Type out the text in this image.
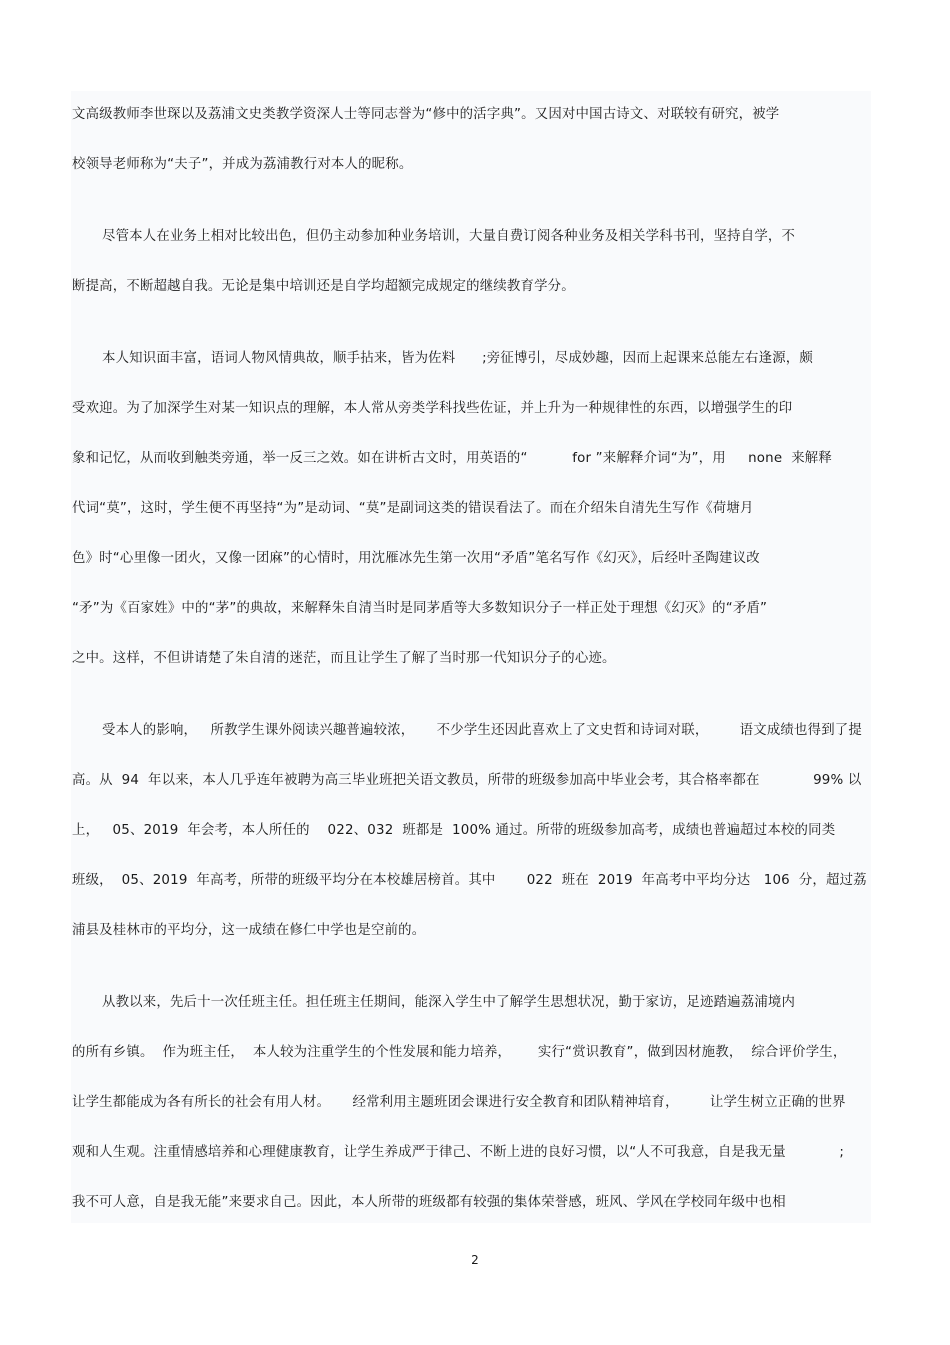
文高级教师李世琛以及荔浦文史类教学资深人士等同志誉为“修中的活字典”。又因对中国古诗文、对联较有研究，被学
校领导老师称为“夫子”，并成为荔浦教行对本人的昵称。
尽管本人在业务上相对比较出色，但仍主动参加种业务培训，大量自费订阅各种业务及相关学科书刊，坚持自学，不
断提高，不断超越自我。无论是集中培训还是自学均超额完成规定的继续教育学分。
本人知识面丰富，语词人物风情典故，顺手拈来，皆为佐料      ;旁征博引，尽成妙趣，因而上起课来总能左右逢源，颇
受欢迎。为了加深学生对某一知识点的理解，本人常从旁类学科找些佐证，并上升为一种规律性的东西，以增强学生的印
象和记忆，从而收到触类旁通，举一反三之效。如在讲析古文时，用英语的“          for ”来解释介词“为”，用     none  来解释
代词“莫”，这时，学生便不再坚持“为”是动词、“莫”是副词这类的错误看法了。而在介绍朱自清先生写作《荷塘月
色》时“心里像一团火，又像一团麻”的心情时，用沈雁冰先生第一次用“矛盾”笔名写作《幻灭》，后经叶圣陶建议改
“矛”为《百家姓》中的“茅”的典故，来解释朱自清当时是同茅盾等大多数知识分子一样正处于理想《幻灭》的“矛盾”
之中。这样，不但讲请楚了朱自清的迷茫，而且让学生了解了当时那一代知识分子的心迹。
受本人的影响，   所教学生课外阅读兴趣普遍较浓，     不少学生还因此喜欢上了文史哲和诗词对联，       语文成绩也得到了提
高。从  94  年以来，本人几乎连年被聘为高三毕业班把关语文教员，所带的班级参加高中毕业会考，其合格率都在            99% 以
上，   05、2019  年会考，本人所任的    022、032  班都是  100% 通过。所带的班级参加高考，成绩也普遍超过本校的同类
班级，  05、2019  年高考，所带的班级平均分在本校雄居榜首。其中       022  班在  2019  年高考中平均分达   106  分，超过荔
浦县及桂林市的平均分，这一成绩在修仁中学也是空前的。
从教以来，先后十一次任班主任。担任班主任期间，能深入学生中了解学生思想状况，勤于家访，足迹踏遍荔浦境内
的所有乡镇。  作为班主任，  本人较为注重学生的个性发展和能力培养，      实行“赏识教育”，做到因材施教，  综合评价学生，
让学生都能成为各有所长的社会有用人材。     经常利用主题班团会课进行安全教育和团队精神培育，       让学生树立正确的世界
观和人生观。注重情感培养和心理健康教育，让学生养成严于律己、不断上进的良好习惯，以“人不可我意，自是我无量            ;
我不可人意，自是我无能”来要求自己。因此，本人所带的班级都有较强的集体荣誉感，班风、学风在学校同年级中也相
2
